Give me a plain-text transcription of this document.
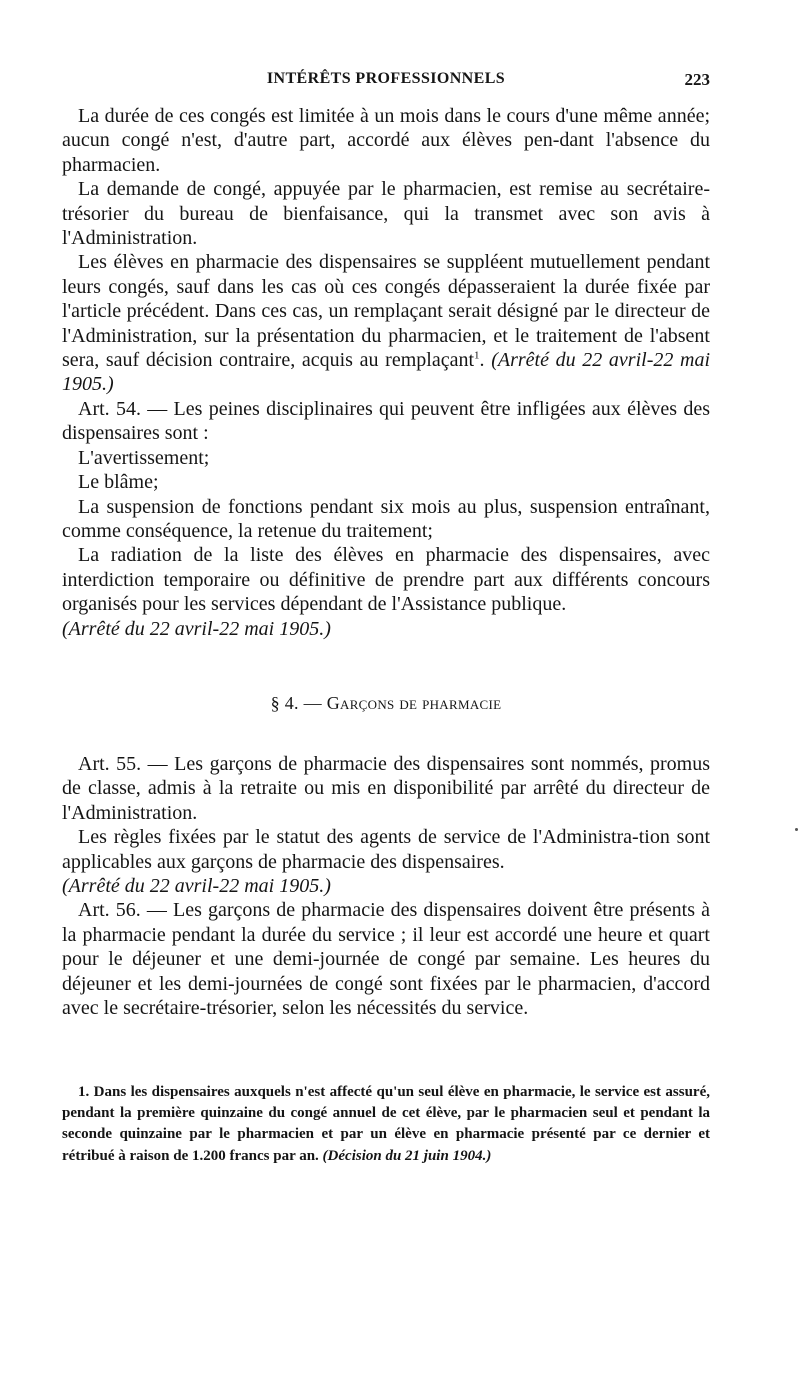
INTÉRÊTS PROFESSIONNELS	223

La durée de ces congés est limitée à un mois dans le cours d'une même année; aucun congé n'est, d'autre part, accordé aux élèves pen-dant l'absence du pharmacien.

La demande de congé, appuyée par le pharmacien, est remise au secrétaire-trésorier du bureau de bienfaisance, qui la transmet avec son avis à l'Administration.

Les élèves en pharmacie des dispensaires se suppléent mutuellement pendant leurs congés, sauf dans les cas où ces congés dépasseraient la durée fixée par l'article précédent. Dans ces cas, un remplaçant serait désigné par le directeur de l'Administration, sur la présentation du pharmacien, et le traitement de l'absent sera, sauf décision contraire, acquis au remplaçant$^1$. (Arrêté du 22 avril-22 mai 1905.)

Art. 54. — Les peines disciplinaires qui peuvent être infligées aux élèves des dispensaires sont :

L'avertissement;

Le blâme;

La suspension de fonctions pendant six mois au plus, suspension entraînant, comme conséquence, la retenue du traitement;

La radiation de la liste des élèves en pharmacie des dispensaires, avec interdiction temporaire ou définitive de prendre part aux différents concours organisés pour les services dépendant de l'Assistance publique.

(Arrêté du 22 avril-22 mai 1905.)

§ 4. — Garçons de pharmacie

Art. 55. — Les garçons de pharmacie des dispensaires sont nommés, promus de classe, admis à la retraite ou mis en disponibilité par arrêté du directeur de l'Administration.

Les règles fixées par le statut des agents de service de l'Administra-tion sont applicables aux garçons de pharmacie des dispensaires.

(Arrêté du 22 avril-22 mai 1905.)

Art. 56. — Les garçons de pharmacie des dispensaires doivent être présents à la pharmacie pendant la durée du service ; il leur est accordé une heure et quart pour le déjeuner et une demi-journée de congé par semaine. Les heures du déjeuner et les demi-journées de congé sont fixées par le pharmacien, d'accord avec le secrétaire-trésorier, selon les nécessités du service.

1. Dans les dispensaires auxquels n'est affecté qu'un seul élève en pharmacie, le service est assuré, pendant la première quinzaine du congé annuel de cet élève, par le pharmacien seul et pendant la seconde quinzaine par le pharmacien et par un élève en pharmacie présenté par ce dernier et rétribué à raison de 1.200 francs par an. (Décision du 21 juin 1904.)
